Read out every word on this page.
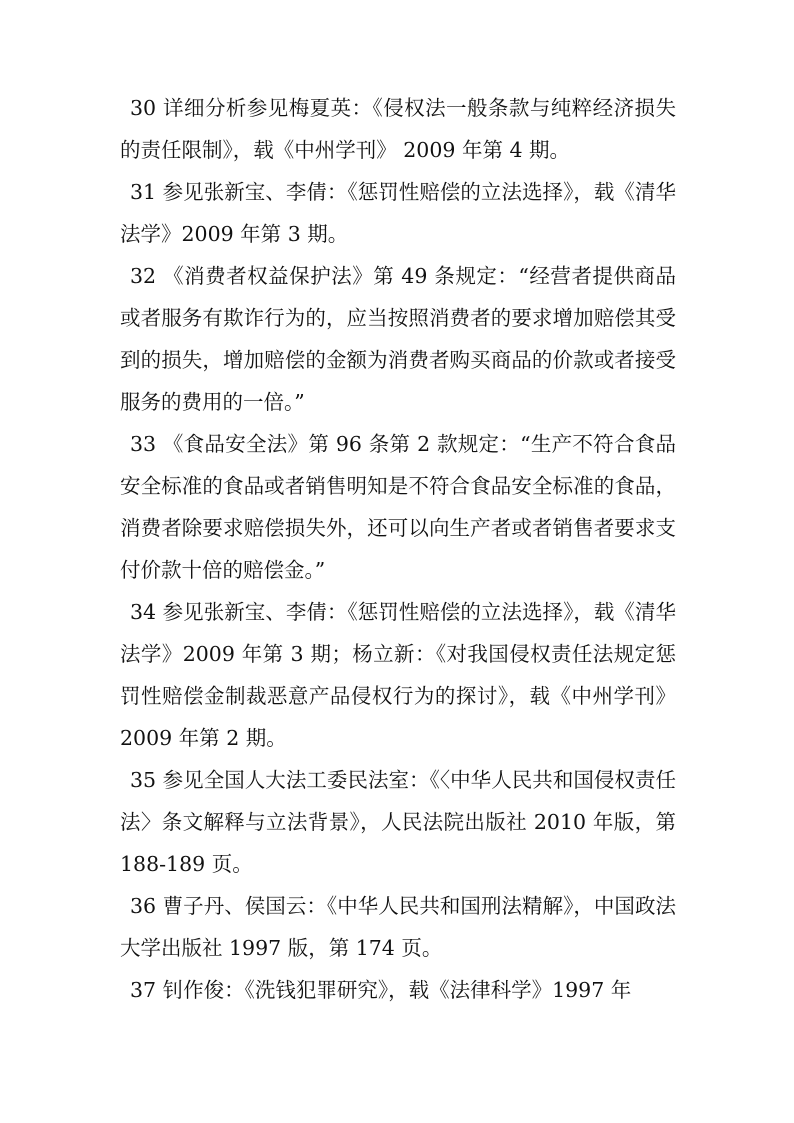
30 详细分析参见梅夏英：《侵权法一般条款与纯粹经济损失的责任限制》，载《中州学刊》 2009 年第 4 期。

31 参见张新宝、李倩：《惩罚性赔偿的立法选择》，载《清华法学》2009 年第 3 期。

32 《消费者权益保护法》第 49 条规定：“经营者提供商品或者服务有欺诈行为的，应当按照消费者的要求增加赔偿其受到的损失，增加赔偿的金额为消费者购买商品的价款或者接受服务的费用的一倍。”

33 《食品安全法》第 96 条第 2 款规定：“生产不符合食品安全标准的食品或者销售明知是不符合食品安全标准的食品，消费者除要求赔偿损失外，还可以向生产者或者销售者要求支付价款十倍的赔偿金。”

34 参见张新宝、李倩：《惩罚性赔偿的立法选择》，载《清华法学》2009 年第 3 期；杨立新：《对我国侵权责任法规定惩罚性赔偿金制裁恶意产品侵权行为的探讨》，载《中州学刊》2009 年第 2 期。

35 参见全国人大法工委民法室：《〈中华人民共和国侵权责任法〉条文解释与立法背景》，人民法院出版社 2010 年版，第 188-189 页。

36 曹子丹、侯国云：《中华人民共和国刑法精解》，中国政法大学出版社 1997 版，第 174 页。

37 钊作俊：《洗钱犯罪研究》，载《法律科学》1997 年
